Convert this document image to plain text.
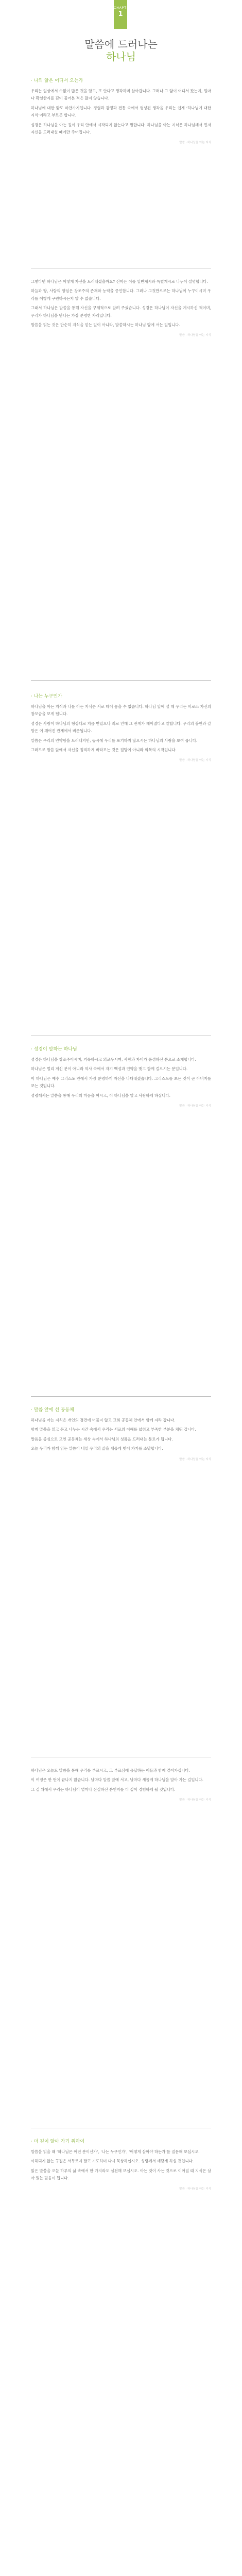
CHAPTER
1
말씀에 드러나는
하나님
· 나의 앎은 어디서 오는가

우리는 일상에서 수없이 많은 것을 알고, 또 안다고 생각하며 살아갑니다. 그러나 그 앎이 어디서 왔는지, 얼마나 확실한지를 깊이 물어본 적은 많지 않습니다.

하나님에 대한 앎도 마찬가지입니다. 경험과 감정과 전통 속에서 형성된 생각을 우리는 쉽게 ‘하나님에 대한 지식’이라고 부르곤 합니다.

성경은 하나님을 아는 길이 우리 안에서 시작되지 않는다고 말합니다. 하나님을 아는 지식은 하나님께서 먼저 자신을 드러내실 때에만 주어집니다.

말씀 · 하나님을 아는 지식

그렇다면 하나님은 어떻게 자신을 드러내셨을까요? 신학은 이를 일반계시와 특별계시로 나누어 설명합니다.

하늘과 땅, 사람의 양심은 창조주의 존재와 능력을 증언합니다. 그러나 그것만으로는 하나님이 누구이시며 우리를 어떻게 구원하시는지 알 수 없습니다.

그래서 하나님은 말씀을 통해 자신을 구체적으로 알려 주셨습니다. 성경은 하나님이 자신을 계시하신 책이며, 우리가 하나님을 만나는 가장 분명한 자리입니다.

말씀을 읽는 것은 단순히 지식을 얻는 일이 아니라, 말씀하시는 하나님 앞에 서는 일입니다.

말씀 · 하나님을 아는 지식
· 나는 누구인가

하나님을 아는 지식과 나를 아는 지식은 서로 떼어 놓을 수 없습니다. 하나님 앞에 설 때 우리는 비로소 자신의 참모습을 보게 됩니다.

성경은 사람이 하나님의 형상대로 지음 받았으나 죄로 인해 그 관계가 깨어졌다고 말합니다. 우리의 불안과 갈망은 이 깨어진 관계에서 비롯됩니다.

말씀은 우리의 연약함을 드러내지만, 동시에 우리를 포기하지 않으시는 하나님의 사랑을 보여 줍니다.

그러므로 말씀 앞에서 자신을 정직하게 바라보는 것은 절망이 아니라 회복의 시작입니다.

말씀 · 하나님을 아는 지식
· 성경이 말하는 하나님

성경은 하나님을 창조주이시며, 거룩하시고 의로우시며, 사랑과 자비가 풍성하신 분으로 소개합니다.

하나님은 멀리 계신 분이 아니라 역사 속에서 자기 백성과 언약을 맺고 함께 걸으시는 분입니다.

이 하나님은 예수 그리스도 안에서 가장 분명하게 자신을 나타내셨습니다. 그리스도를 보는 것이 곧 아버지를 보는 것입니다.

성령께서는 말씀을 통해 우리의 마음을 여시고, 이 하나님을 알고 사랑하게 하십니다.

말씀 · 하나님을 아는 지식
· 말씀 앞에 선 공동체

하나님을 아는 지식은 개인의 경건에 머물지 않고 교회 공동체 안에서 함께 자라 갑니다.

함께 말씀을 읽고 묻고 나누는 시간 속에서 우리는 서로의 이해를 넓히고 부족한 부분을 채워 갑니다.

말씀을 중심으로 모인 공동체는 세상 속에서 하나님의 성품을 드러내는 통로가 됩니다.

오늘 우리가 함께 읽는 말씀이 내일 우리의 삶을 새롭게 빚어 가기를 소망합니다.

말씀 · 하나님을 아는 지식

하나님은 오늘도 말씀을 통해 우리를 부르시고, 그 부르심에 응답하는 이들과 함께 걸어가십니다.

이 여정은 한 번에 끝나지 않습니다. 날마다 말씀 앞에 서고, 날마다 새롭게 하나님을 알아 가는 길입니다.

그 길 위에서 우리는 하나님이 얼마나 신실하신 분인지를 더 깊이 경험하게 될 것입니다.

말씀 · 하나님을 아는 지식
· 더 깊이 알아 가기 위하여

말씀을 읽을 때 ‘하나님은 어떤 분이신가’, ‘나는 누구인가’, ‘어떻게 살아야 하는가’를 질문해 보십시오.

이해되지 않는 구절은 서두르지 말고 기도하며 다시 묵상하십시오. 성령께서 깨닫게 하실 것입니다.

읽은 말씀을 오늘 하루의 삶 속에서 한 가지라도 실천해 보십시오. 아는 것이 사는 것으로 이어질 때 지식은 살아 있는 믿음이 됩니다.

말씀 · 하나님을 아는 지식
